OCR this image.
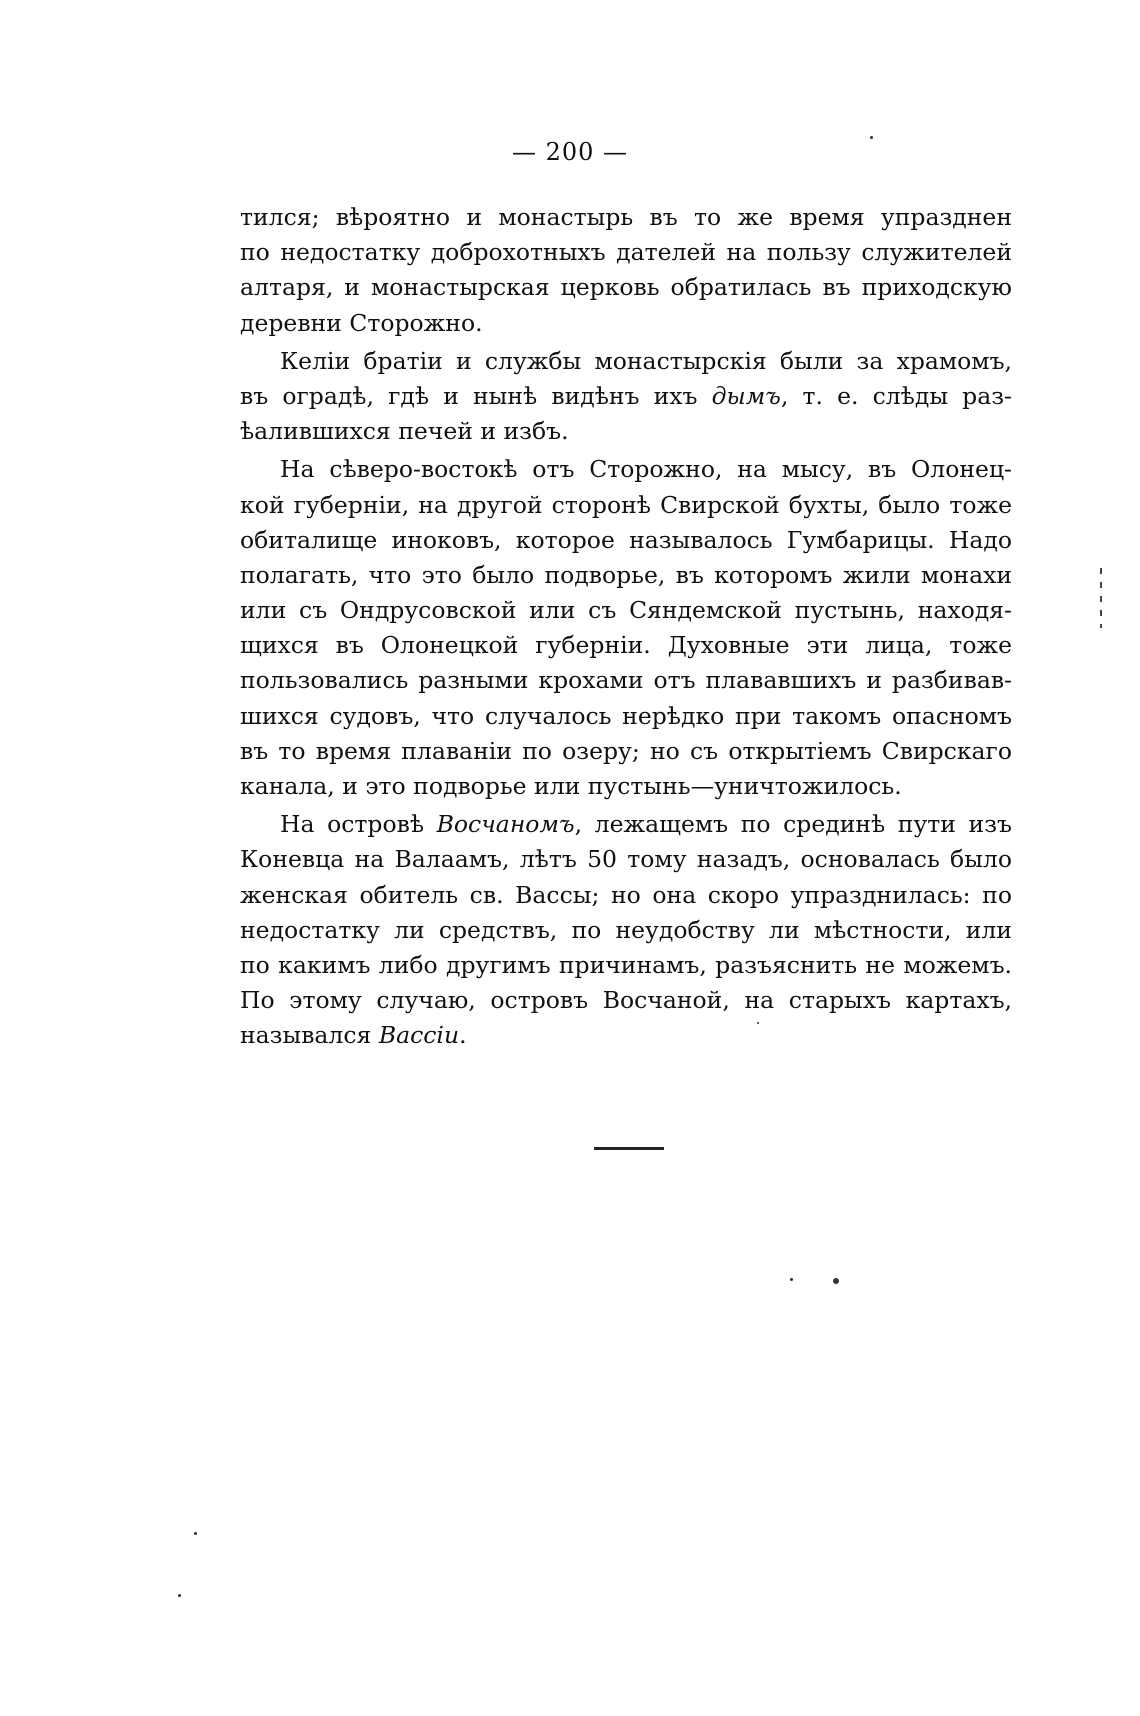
— 200 —
тился; вѣроятно и монастырь въ то же время упразднен
по недостатку доброхотныхъ дателей на пользу служителей
алтаря, и монастырская церковь обратилась въ приходскую
деревни Сторожно.
Келіи братіи и службы монастырскія были за храмомъ,
въ оградѣ, гдѣ и нынѣ видѣнъ ихъ дымъ, т. е. слѣды раз-
ѣалившихся печей и избъ.
На сѣверо-востокѣ отъ Сторожно, на мысу, въ Олонец-
кой губерніи, на другой сторонѣ Свирской бухты, было тоже
обиталище иноковъ, которое называлось Гумбарицы. Надо
полагать, что это было подворье, въ которомъ жили монахи
или съ Ондрусовской или съ Сяндемской пустынь, находя-
щихся въ Олонецкой губерніи. Духовные эти лица, тоже
пользовались разными крохами отъ плававшихъ и разбивав-
шихся судовъ, что случалось нерѣдко при такомъ опасномъ
въ то время плаваніи по озеру; но съ открытіемъ Свирскаго
канала, и это подворье или пустынь—уничтожилось.
На островѣ Восчаномъ, лежащемъ по срединѣ пути изъ
Коневца на Валаамъ, лѣтъ 50 тому назадъ, основалась было
женская обитель св. Вассы; но она скоро упразднилась: по
недостатку ли средствъ, по неудобству ли мѣстности, или
по какимъ либо другимъ причинамъ, разъяснить не можемъ.
По этому случаю, островъ Восчаной, на старыхъ картахъ,
назывался Вассіи.
